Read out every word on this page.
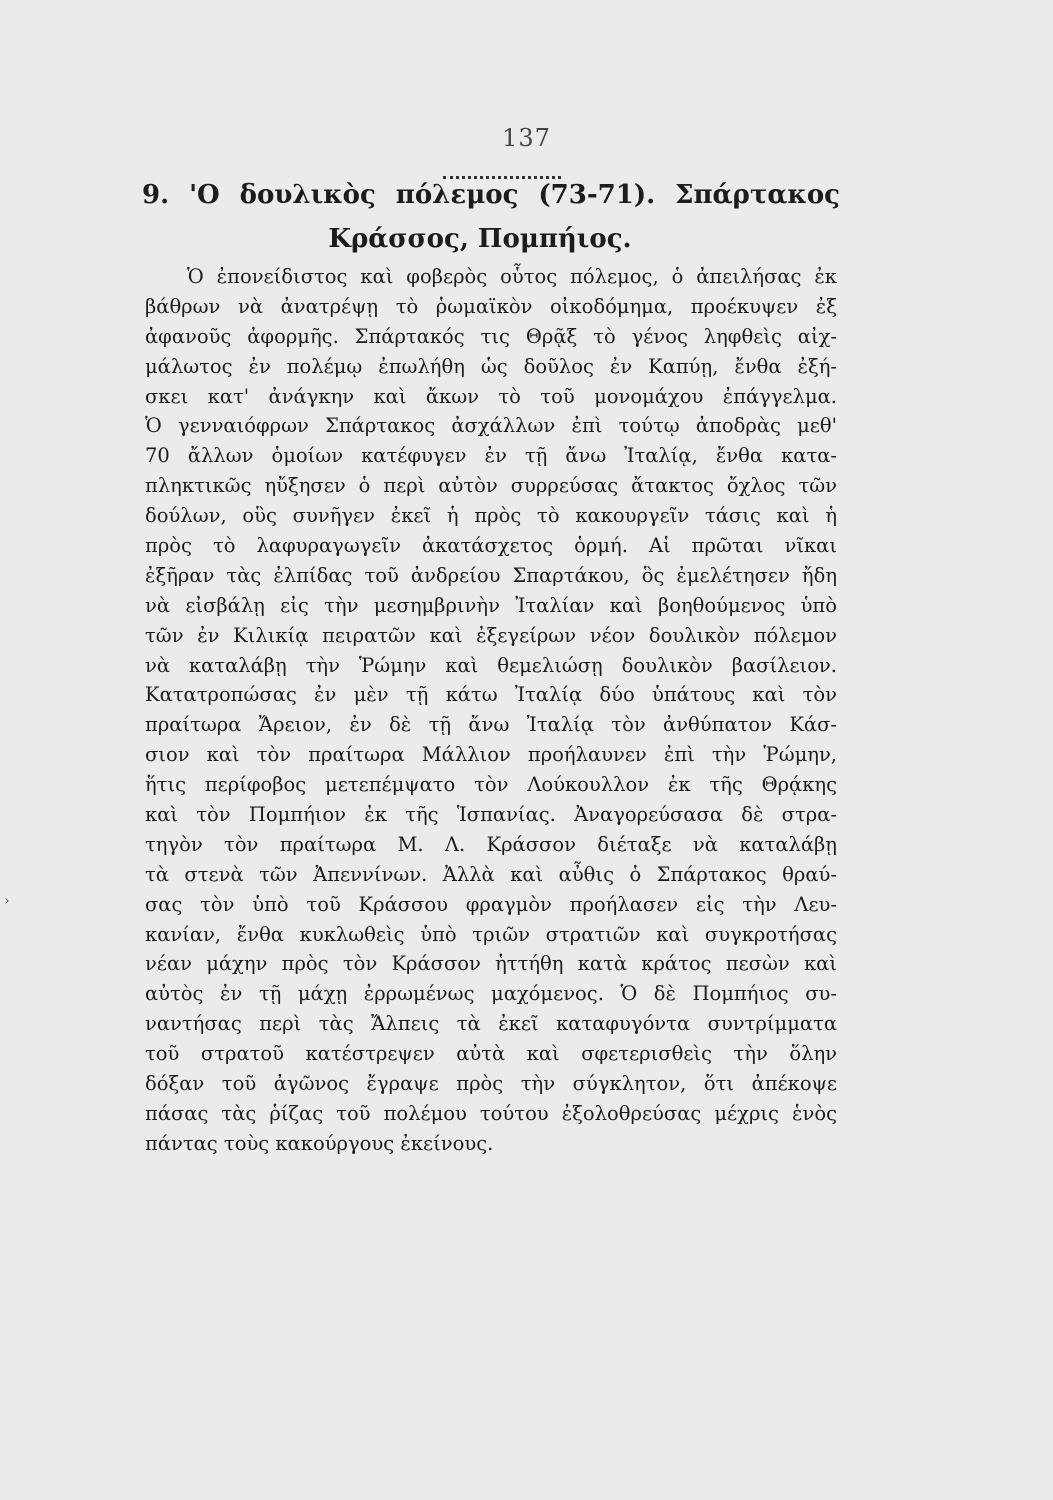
137
9. 'Ο δουλικὸς πόλεμος (73-71). Σπάρτακος
Κράσσος, Πομπήιος.
›
Ὁ ἐπονείδιστος καὶ φοβερὸς οὗτος πόλεμος, ὁ ἀπειλήσας ἐκ
βάθρων νὰ ἀνατρέψῃ τὸ ῥωμαϊκὸν οἰκοδόμημα, προέκυψεν ἐξ
ἀφανοῦς ἀφορμῆς. Σπάρτακός τις Θρᾷξ τὸ γένος ληφθεὶς αἰχ-
μάλωτος ἐν πολέμῳ ἐπωλήθη ὡς δοῦλος ἐν Καπύῃ, ἔνθα ἐξή-
σκει κατ' ἀνάγκην καὶ ἄκων τὸ τοῦ μονομάχου ἐπάγγελμα.
Ὁ γενναιόφρων Σπάρτακος ἀσχάλλων ἐπὶ τούτῳ ἀποδρὰς μεθ'
70 ἄλλων ὁμοίων κατέφυγεν ἐν τῇ ἄνω Ἰταλίᾳ, ἔνθα κατα-
πληκτικῶς ηὔξησεν ὁ περὶ αὐτὸν συρρεύσας ἄτακτος ὄχλος τῶν
δούλων, οὓς συνῆγεν ἐκεῖ ἡ πρὸς τὸ κακουργεῖν τάσις καὶ ἡ
πρὸς τὸ λαφυραγωγεῖν ἀκατάσχετος ὁρμή. Αἱ πρῶται νῖκαι
ἐξῆραν τὰς ἐλπίδας τοῦ ἀνδρείου Σπαρτάκου, ὃς ἐμελέτησεν ἤδη
νὰ εἰσβάλῃ εἰς τὴν μεσημβρινὴν Ἰταλίαν καὶ βοηθούμενος ὑπὸ
τῶν ἐν Κιλικίᾳ πειρατῶν καὶ ἐξεγείρων νέον δουλικὸν πόλεμον
νὰ καταλάβῃ τὴν Ῥώμην καὶ θεμελιώσῃ δουλικὸν βασίλειον.
Κατατροπώσας ἐν μὲν τῇ κάτω Ἰταλίᾳ δύο ὑπάτους καὶ τὸν
πραίτωρα Ἄρειον, ἐν δὲ τῇ ἄνω Ἰταλίᾳ τὸν ἀνθύπατον Κάσ-
σιον καὶ τὸν πραίτωρα Μάλλιον προήλαυνεν ἐπὶ τὴν Ῥώμην,
ἥτις περίφοβος μετεπέμψατο τὸν Λούκουλλον ἐκ τῆς Θρᾴκης
καὶ τὸν Πομπήιον ἐκ τῆς Ἱσπανίας. Ἀναγορεύσασα δὲ στρα-
τηγὸν τὸν πραίτωρα Μ. Λ. Κράσσον διέταξε νὰ καταλάβῃ
τὰ στενὰ τῶν Ἀπεννίνων. Ἀλλὰ καὶ αὖθις ὁ Σπάρτακος θραύ-
σας τὸν ὑπὸ τοῦ Κράσσου φραγμὸν προήλασεν εἰς τὴν Λευ-
κανίαν, ἔνθα κυκλωθεὶς ὑπὸ τριῶν στρατιῶν καὶ συγκροτήσας
νέαν μάχην πρὸς τὸν Κράσσον ἡττήθη κατὰ κράτος πεσὼν καὶ
αὐτὸς ἐν τῇ μάχῃ ἐρρωμένως μαχόμενος. Ὁ δὲ Πομπήιος συ-
ναντήσας περὶ τὰς Ἄλπεις τὰ ἐκεῖ καταφυγόντα συντρίμματα
τοῦ στρατοῦ κατέστρεψεν αὐτὰ καὶ σφετερισθεὶς τὴν ὅλην
δόξαν τοῦ ἀγῶνος ἔγραψε πρὸς τὴν σύγκλητον, ὅτι ἀπέκοψε
πάσας τὰς ῥίζας τοῦ πολέμου τούτου ἐξολοθρεύσας μέχρις ἑνὸς
πάντας τοὺς κακούργους ἐκείνους.
